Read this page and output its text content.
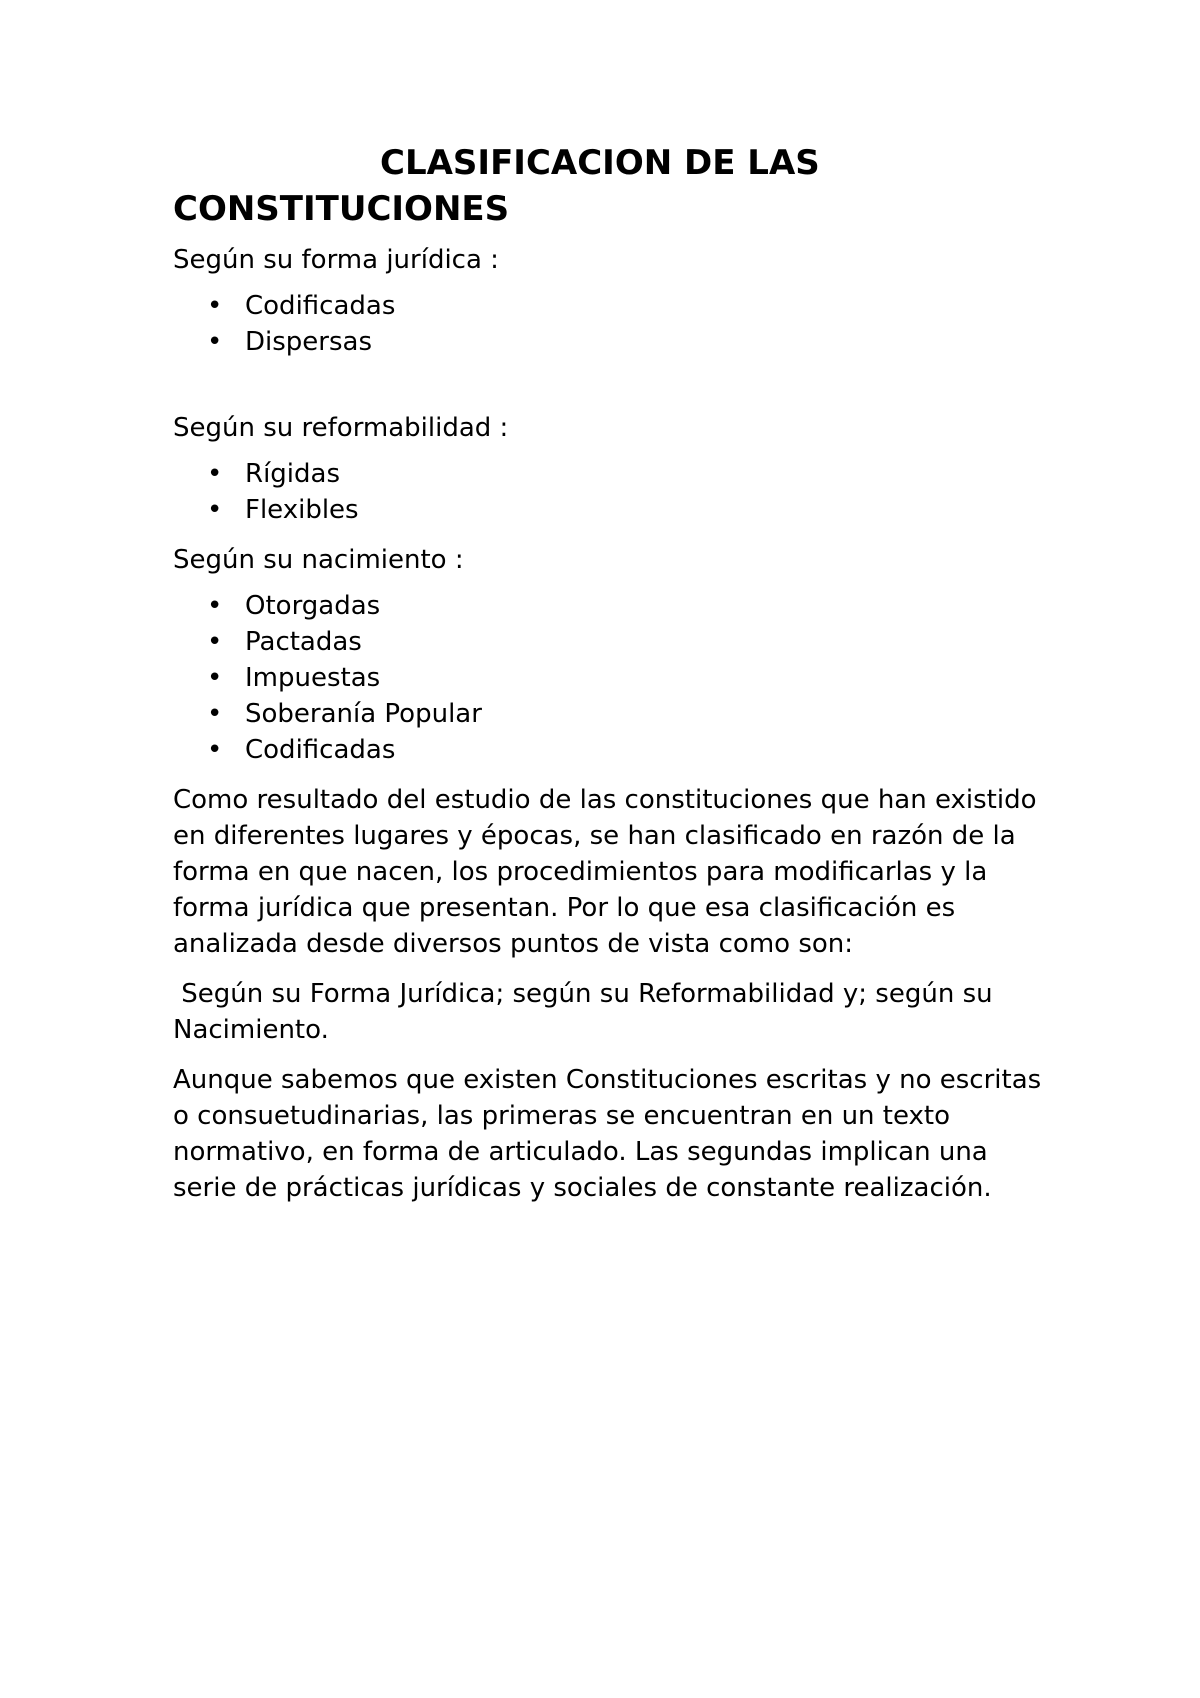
CLASIFICACION DE LAS CONSTITUCIONES

Según su forma jurídica :

• Codificadas
• Dispersas

Según su reformabilidad :

• Rígidas
• Flexibles

Según su nacimiento :

• Otorgadas
• Pactadas
• Impuestas
• Soberanía Popular
• Codificadas

Como resultado del estudio de las constituciones que han existido en diferentes lugares y épocas, se han clasificado en razón de la forma en que nacen, los procedimientos para modificarlas y la forma jurídica que presentan. Por lo que esa clasificación es analizada desde diversos puntos de vista como son:

Según su Forma Jurídica; según su Reformabilidad y; según su Nacimiento.

Aunque sabemos que existen Constituciones escritas y no escritas o consuetudinarias, las primeras se encuentran en un texto normativo, en forma de articulado. Las segundas implican una serie de prácticas jurídicas y sociales de constante realización.
